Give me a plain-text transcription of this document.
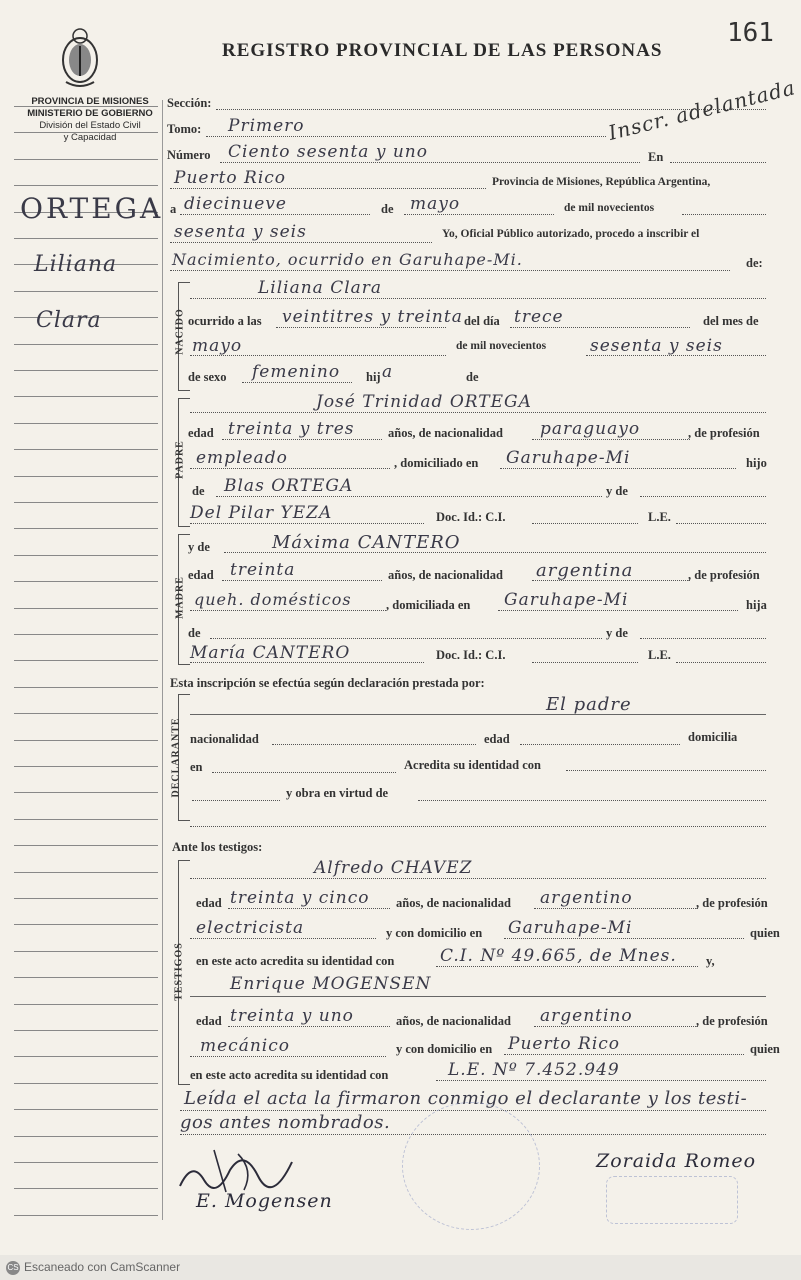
PROVINCIA DE MISIONES
MINISTERIO DE GOBIERNO
División del Estado Civil
y Capacidad
REGISTRO PROVINCIAL DE LAS PERSONAS
161
Inscr. adelantada
ORTEGA
Liliana
Clara
Sección:
Tomo: Primero
Número Ciento sesenta y uno	En
Puerto Rico	Provincia de Misiones, República Argentina,
a diecinueve	de mayo	de mil novecientos
sesenta y seis	Yo, Oficial Público autorizado, procedo a inscribir el
Nacimiento, ocurrido en Garuhape-Mi.	de:
NACIDO
Liliana Clara
ocurrido a las veintitres y treinta del día trece	del mes de
mayo	de mil novecientos	sesenta y seis
de sexo femenino hij a	de
PADRE
José Trinidad ORTEGA
edad treinta y tres	años, de nacionalidad paraguayo	, de profesión
empleado	, domiciliado en Garuhape-Mi	hijo
de Blas ORTEGA	y de
Del Pilar YEZA	Doc. Id.: C.I.	L.E.
MADRE
y de	Máxima CANTERO
edad treinta	años, de nacionalidad argentina	, de profesión
queh. domésticos	, domiciliada en Garuhape-Mi	hija
de	y de
María CANTERO	Doc. Id.: C.I.	L.E.
Esta inscripción se efectúa según declaración prestada por:
DECLARANTE
El padre
nacionalidad	edad	domicilia
en	Acredita su identidad con
y obra en virtud de
Ante los testigos:
TESTIGOS
Alfredo CHAVEZ
edad treinta y cinco años, de nacionalidad argentino	, de profesión
electricista	y con domicilio en Garuhape-Mi	quien
en este acto acredita su identidad con	C.I. Nº 49.665, de Mnes. y,
Enrique MOGENSEN
edad treinta y uno	años, de nacionalidad argentino	, de profesión
mecánico	y con domicilio en Puerto Rico	quien
en este acto acredita su identidad con	L.E. Nº 7.452.949
Leída el acta la firmaron conmigo el declarante y los testi-
gos antes nombrados.
E. Mogensen
Zoraida Romeo
CS Escaneado con CamScanner
